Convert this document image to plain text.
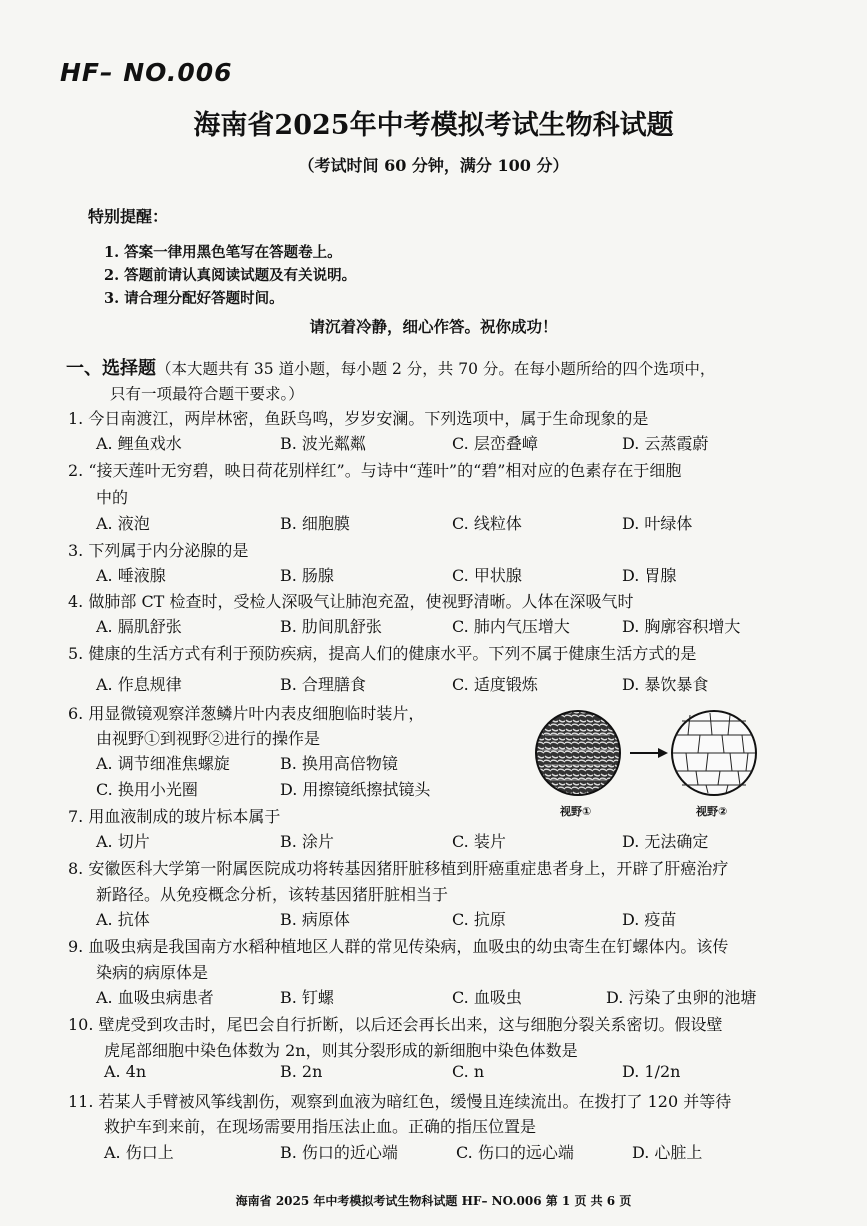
HF– NO.006
海南省2025年中考模拟考试生物科试题
（考试时间 60 分钟，满分 100 分）
特别提醒：
1. 答案一律用黑色笔写在答题卷上。
2. 答题前请认真阅读试题及有关说明。
3. 请合理分配好答题时间。
请沉着冷静，细心作答。祝你成功！
一、选择题（本大题共有 35 道小题，每小题 2 分，共 70 分。在每小题所给的四个选项中，
只有一项最符合题干要求。）
1. 今日南渡江，两岸林密，鱼跃鸟鸣，岁岁安澜。下列选项中，属于生命现象的是
A. 鲤鱼戏水	B. 波光粼粼	C. 层峦叠嶂	D. 云蒸霞蔚
2. “接天莲叶无穷碧，映日荷花别样红”。与诗中“莲叶”的“碧”相对应的色素存在于细胞
中的
A. 液泡	B. 细胞膜	C. 线粒体	D. 叶绿体
3. 下列属于内分泌腺的是
A. 唾液腺	B. 肠腺	C. 甲状腺	D. 胃腺
4. 做肺部 CT 检查时，受检人深吸气让肺泡充盈，使视野清晰。人体在深吸气时
A. 膈肌舒张	B. 肋间肌舒张	C. 肺内气压增大	D. 胸廓容积增大
5. 健康的生活方式有利于预防疾病，提高人们的健康水平。下列不属于健康生活方式的是
A. 作息规律	B. 合理膳食	C. 适度锻炼	D. 暴饮暴食
6. 用显微镜观察洋葱鳞片叶内表皮细胞临时装片，
由视野①到视野②进行的操作是
A. 调节细准焦螺旋	B. 换用高倍物镜
C. 换用小光圈	D. 用擦镜纸擦拭镜头
视野①	视野②
7. 用血液制成的玻片标本属于
A. 切片	B. 涂片	C. 装片	D. 无法确定
8. 安徽医科大学第一附属医院成功将转基因猪肝脏移植到肝癌重症患者身上，开辟了肝癌治疗
新路径。从免疫概念分析，该转基因猪肝脏相当于
A. 抗体	B. 病原体	C. 抗原	D. 疫苗
9. 血吸虫病是我国南方水稻种植地区人群的常见传染病，血吸虫的幼虫寄生在钉螺体内。该传
染病的病原体是
A. 血吸虫病患者	B. 钉螺	C. 血吸虫	D. 污染了虫卵的池塘
10. 壁虎受到攻击时，尾巴会自行折断，以后还会再长出来，这与细胞分裂关系密切。假设壁
虎尾部细胞中染色体数为 2n，则其分裂形成的新细胞中染色体数是
A. 4n	B. 2n	C. n	D. 1/2n
11. 若某人手臂被风筝线割伤，观察到血液为暗红色，缓慢且连续流出。在拨打了 120 并等待
救护车到来前，在现场需要用指压法止血。正确的指压位置是
A. 伤口上	B. 伤口的近心端	C. 伤口的远心端	D. 心脏上
海南省 2025 年中考模拟考试生物科试题 HF– NO.006 第 1 页 共 6 页
